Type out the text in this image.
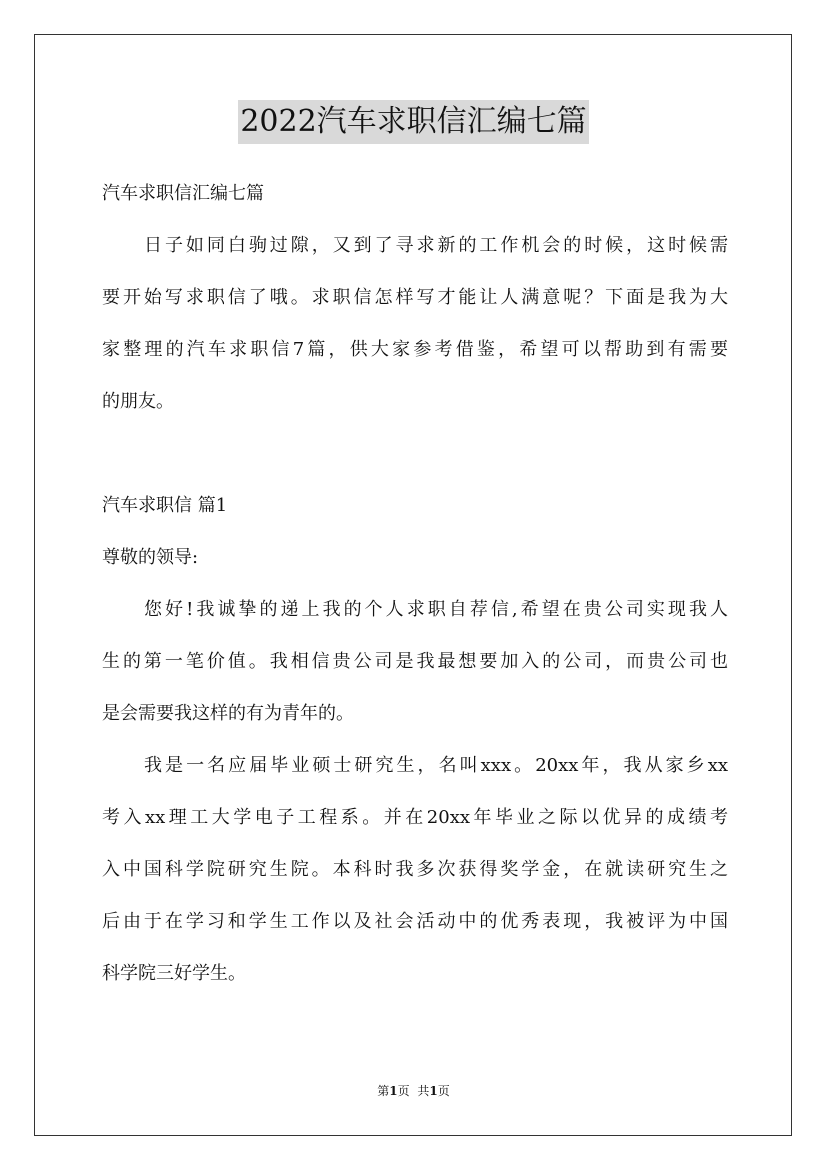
2022汽车求职信汇编七篇
汽车求职信汇编七篇
日子如同白驹过隙，又到了寻求新的工作机会的时候，这时候需
要开始写求职信了哦。求职信怎样写才能让人满意呢？下面是我为大
家整理的汽车求职信7篇，供大家参考借鉴，希望可以帮助到有需要
的朋友。
汽车求职信 篇1
尊敬的领导:
您好!我诚挚的递上我的个人求职自荐信,希望在贵公司实现我人
生的第一笔价值。我相信贵公司是我最想要加入的公司，而贵公司也
是会需要我这样的有为青年的。
我是一名应届毕业硕士研究生，名叫xxx。20xx年，我从家乡xx
考入xx理工大学电子工程系。并在20xx年毕业之际以优异的成绩考
入中国科学院研究生院。本科时我多次获得奖学金，在就读研究生之
后由于在学习和学生工作以及社会活动中的优秀表现，我被评为中国
科学院三好学生。
第1页 共1页
